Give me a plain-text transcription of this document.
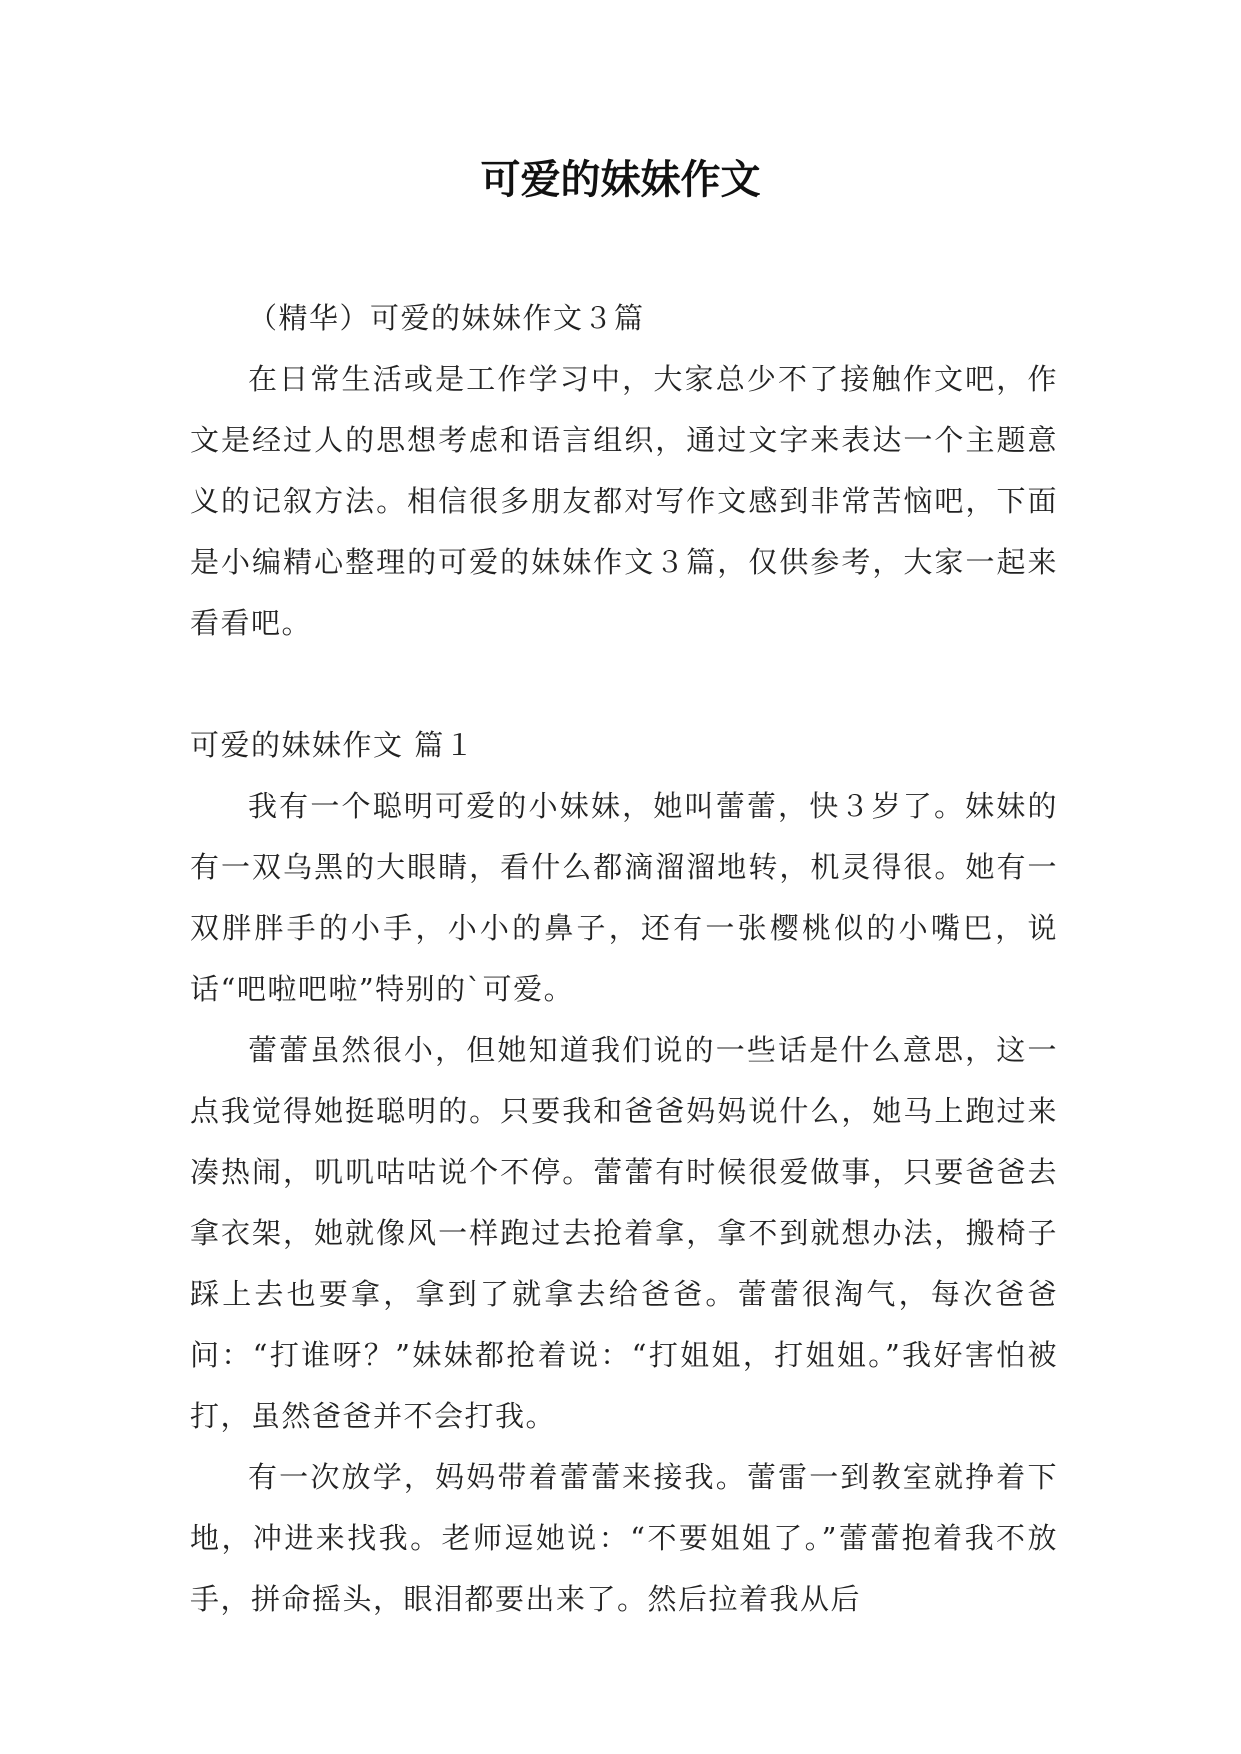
可爱的妹妹作文

（精华）可爱的妹妹作文３篇

在日常生活或是工作学习中，大家总少不了接触作文吧，作文是经过人的思想考虑和语言组织，通过文字来表达一个主题意义的记叙方法。相信很多朋友都对写作文感到非常苦恼吧，下面是小编精心整理的可爱的妹妹作文３篇，仅供参考，大家一起来看看吧。

可爱的妹妹作文 篇１

我有一个聪明可爱的小妹妹，她叫蕾蕾，快３岁了。妹妹的有一双乌黑的大眼睛，看什么都滴溜溜地转，机灵得很。她有一双胖胖手的小手，小小的鼻子，还有一张樱桃似的小嘴巴，说话“吧啦吧啦”特别的`可爱。

蕾蕾虽然很小，但她知道我们说的一些话是什么意思，这一点我觉得她挺聪明的。只要我和爸爸妈妈说什么，她马上跑过来凑热闹，叽叽咕咕说个不停。蕾蕾有时候很爱做事，只要爸爸去拿衣架，她就像风一样跑过去抢着拿，拿不到就想办法，搬椅子踩上去也要拿，拿到了就拿去给爸爸。蕾蕾很淘气，每次爸爸问：“打谁呀？”妹妹都抢着说：“打姐姐，打姐姐。”我好害怕被打，虽然爸爸并不会打我。

有一次放学，妈妈带着蕾蕾来接我。蕾雷一到教室就挣着下地，冲进来找我。老师逗她说：“不要姐姐了。”蕾蕾抱着我不放手，拼命摇头，眼泪都要出来了。然后拉着我从后
